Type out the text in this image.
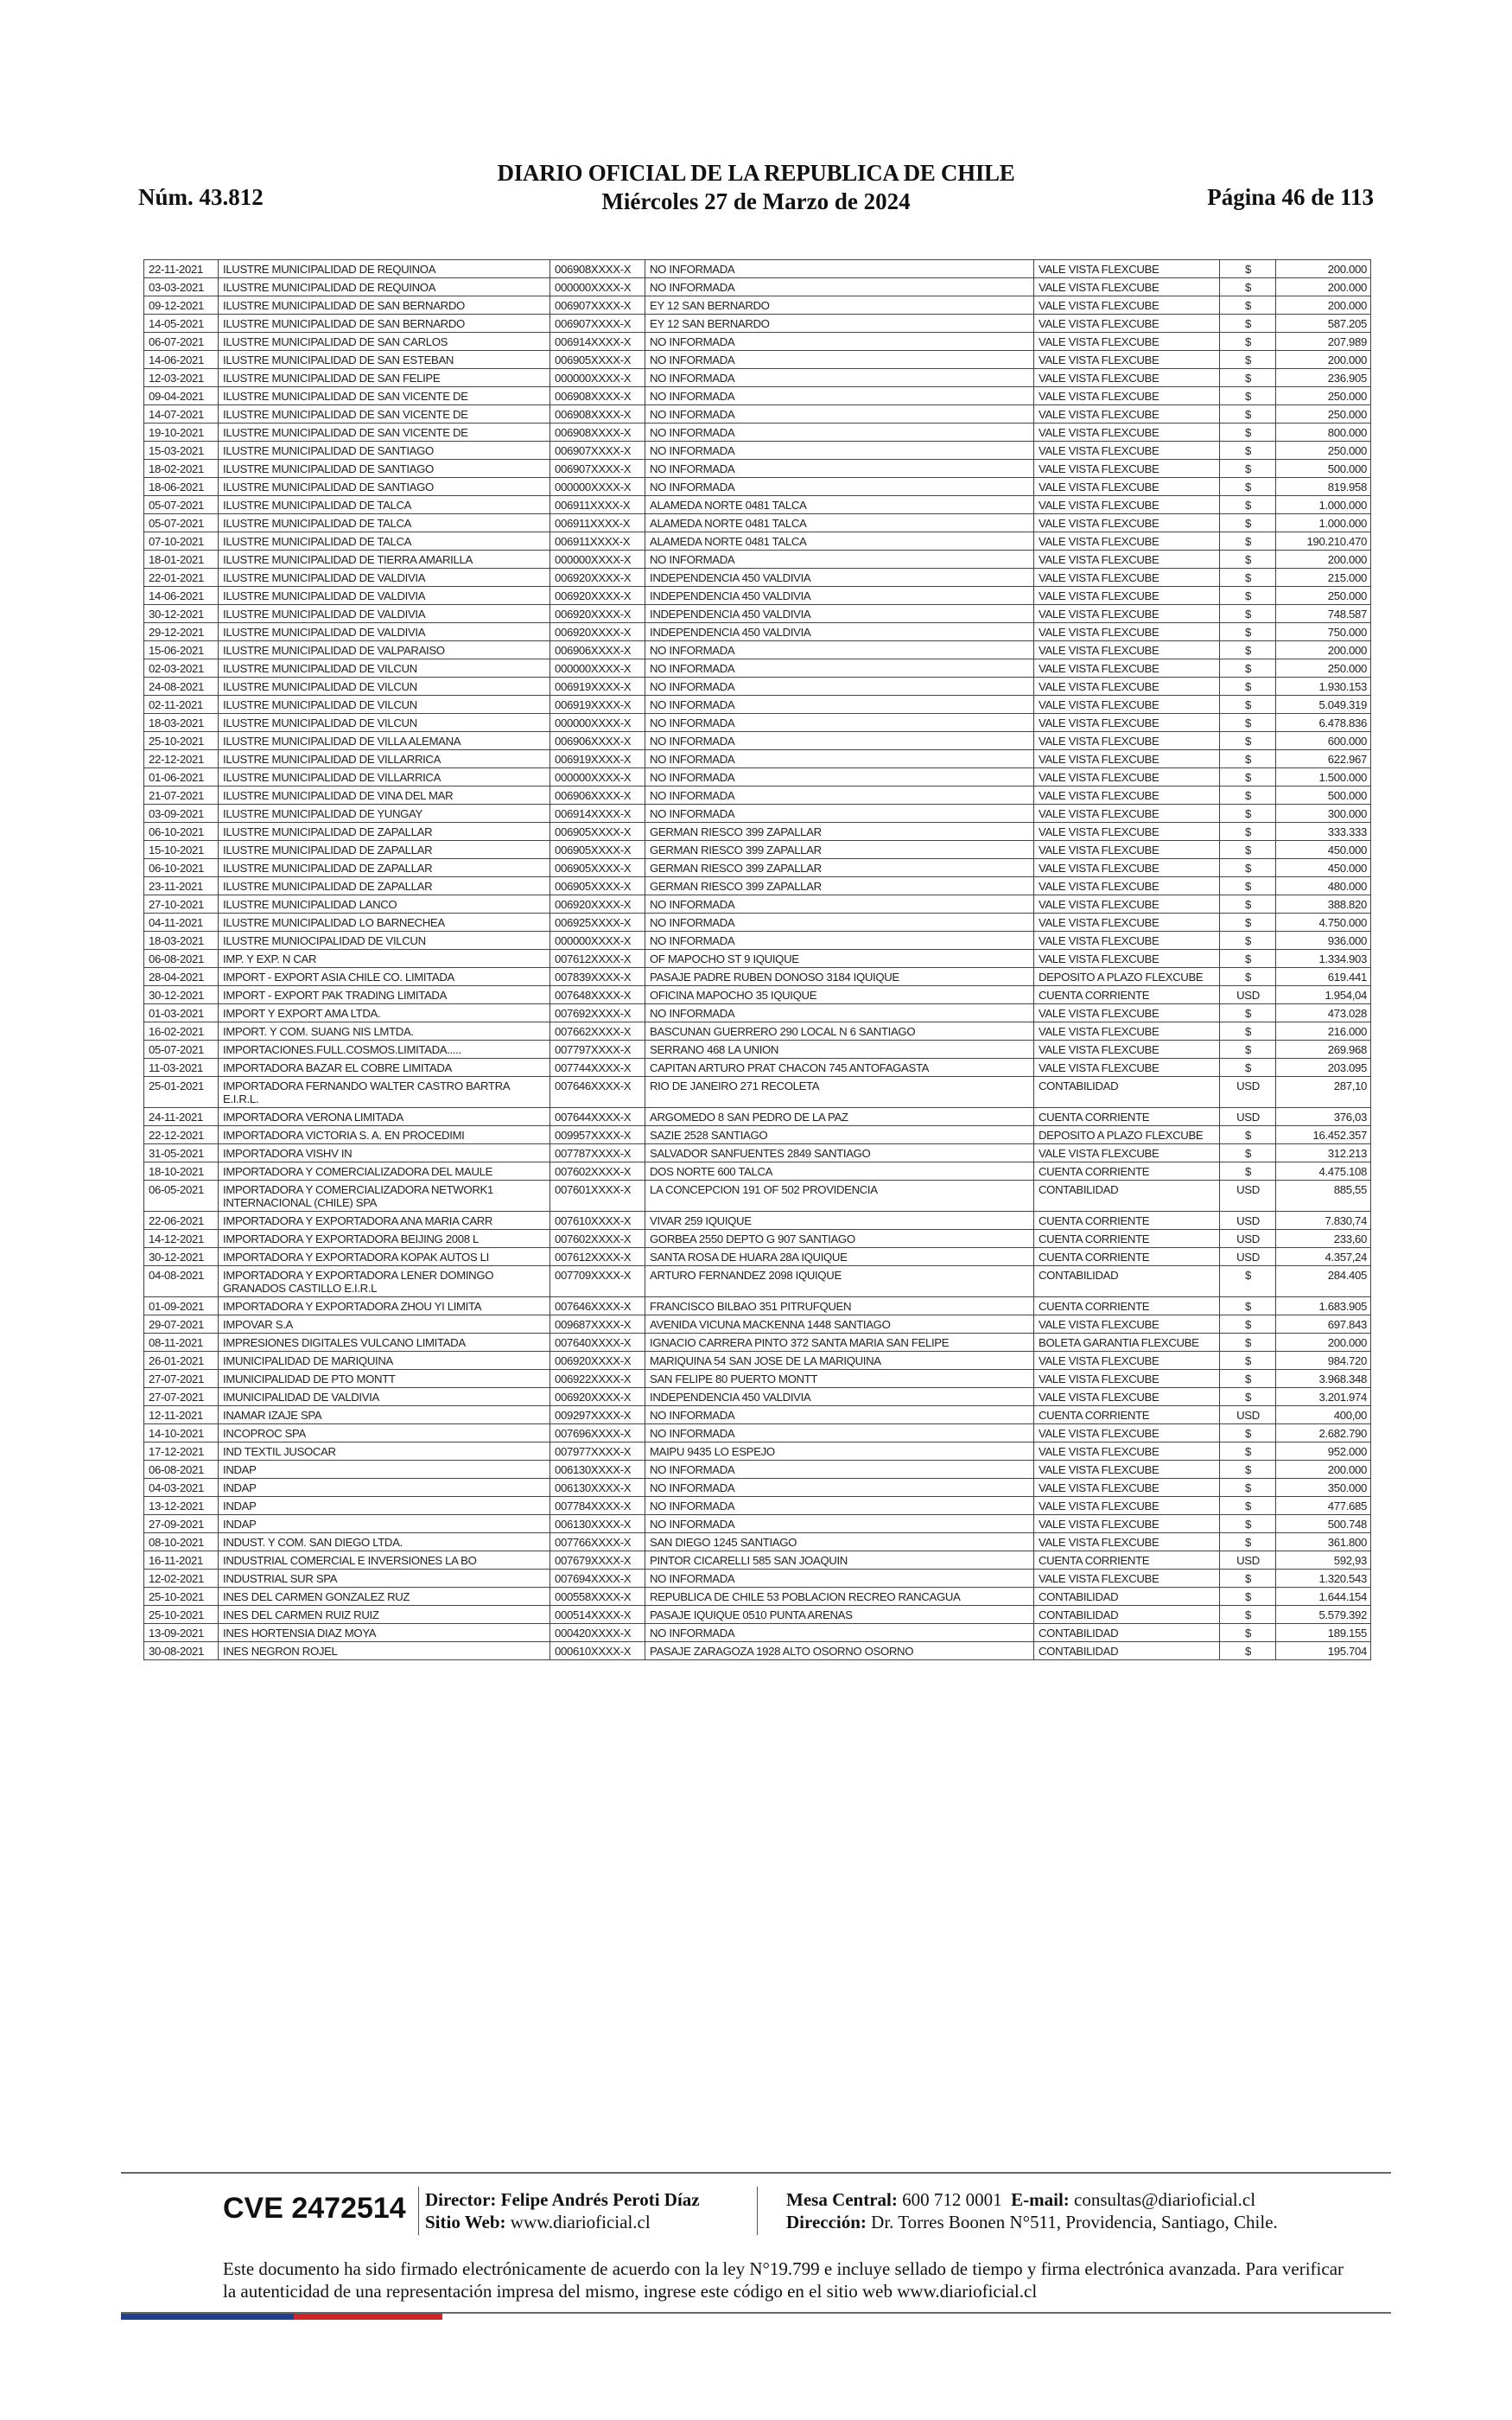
Núm. 43.812
DIARIO OFICIAL DE LA REPUBLICA DE CHILE
Miércoles 27 de Marzo de 2024	Página 46 de 113
22-11-2021	ILUSTRE MUNICIPALIDAD DE REQUINOA	006908XXXX-X	NO INFORMADA	VALE VISTA FLEXCUBE	$	200.000
03-03-2021	ILUSTRE MUNICIPALIDAD DE REQUINOA	000000XXXX-X	NO INFORMADA	VALE VISTA FLEXCUBE	$	200.000
09-12-2021	ILUSTRE MUNICIPALIDAD DE SAN BERNARDO	006907XXXX-X	EY 12 SAN BERNARDO	VALE VISTA FLEXCUBE	$	200.000
14-05-2021	ILUSTRE MUNICIPALIDAD DE SAN BERNARDO	006907XXXX-X	EY 12 SAN BERNARDO	VALE VISTA FLEXCUBE	$	587.205
06-07-2021	ILUSTRE MUNICIPALIDAD DE SAN CARLOS	006914XXXX-X	NO INFORMADA	VALE VISTA FLEXCUBE	$	207.989
14-06-2021	ILUSTRE MUNICIPALIDAD DE SAN ESTEBAN	006905XXXX-X	NO INFORMADA	VALE VISTA FLEXCUBE	$	200.000
12-03-2021	ILUSTRE MUNICIPALIDAD DE SAN FELIPE	000000XXXX-X	NO INFORMADA	VALE VISTA FLEXCUBE	$	236.905
09-04-2021	ILUSTRE MUNICIPALIDAD DE SAN VICENTE DE	006908XXXX-X	NO INFORMADA	VALE VISTA FLEXCUBE	$	250.000
14-07-2021	ILUSTRE MUNICIPALIDAD DE SAN VICENTE DE	006908XXXX-X	NO INFORMADA	VALE VISTA FLEXCUBE	$	250.000
19-10-2021	ILUSTRE MUNICIPALIDAD DE SAN VICENTE DE	006908XXXX-X	NO INFORMADA	VALE VISTA FLEXCUBE	$	800.000
15-03-2021	ILUSTRE MUNICIPALIDAD DE SANTIAGO	006907XXXX-X	NO INFORMADA	VALE VISTA FLEXCUBE	$	250.000
18-02-2021	ILUSTRE MUNICIPALIDAD DE SANTIAGO	006907XXXX-X	NO INFORMADA	VALE VISTA FLEXCUBE	$	500.000
18-06-2021	ILUSTRE MUNICIPALIDAD DE SANTIAGO	000000XXXX-X	NO INFORMADA	VALE VISTA FLEXCUBE	$	819.958
05-07-2021	ILUSTRE MUNICIPALIDAD DE TALCA	006911XXXX-X	ALAMEDA NORTE 0481 TALCA	VALE VISTA FLEXCUBE	$	1.000.000
05-07-2021	ILUSTRE MUNICIPALIDAD DE TALCA	006911XXXX-X	ALAMEDA NORTE 0481 TALCA	VALE VISTA FLEXCUBE	$	1.000.000
07-10-2021	ILUSTRE MUNICIPALIDAD DE TALCA	006911XXXX-X	ALAMEDA NORTE 0481 TALCA	VALE VISTA FLEXCUBE	$	190.210.470
18-01-2021	ILUSTRE MUNICIPALIDAD DE TIERRA AMARILLA	000000XXXX-X	NO INFORMADA	VALE VISTA FLEXCUBE	$	200.000
22-01-2021	ILUSTRE MUNICIPALIDAD DE VALDIVIA	006920XXXX-X	INDEPENDENCIA 450 VALDIVIA	VALE VISTA FLEXCUBE	$	215.000
14-06-2021	ILUSTRE MUNICIPALIDAD DE VALDIVIA	006920XXXX-X	INDEPENDENCIA 450 VALDIVIA	VALE VISTA FLEXCUBE	$	250.000
30-12-2021	ILUSTRE MUNICIPALIDAD DE VALDIVIA	006920XXXX-X	INDEPENDENCIA 450 VALDIVIA	VALE VISTA FLEXCUBE	$	748.587
29-12-2021	ILUSTRE MUNICIPALIDAD DE VALDIVIA	006920XXXX-X	INDEPENDENCIA 450 VALDIVIA	VALE VISTA FLEXCUBE	$	750.000
15-06-2021	ILUSTRE MUNICIPALIDAD DE VALPARAISO	006906XXXX-X	NO INFORMADA	VALE VISTA FLEXCUBE	$	200.000
02-03-2021	ILUSTRE MUNICIPALIDAD DE VILCUN	000000XXXX-X	NO INFORMADA	VALE VISTA FLEXCUBE	$	250.000
24-08-2021	ILUSTRE MUNICIPALIDAD DE VILCUN	006919XXXX-X	NO INFORMADA	VALE VISTA FLEXCUBE	$	1.930.153
02-11-2021	ILUSTRE MUNICIPALIDAD DE VILCUN	006919XXXX-X	NO INFORMADA	VALE VISTA FLEXCUBE	$	5.049.319
18-03-2021	ILUSTRE MUNICIPALIDAD DE VILCUN	000000XXXX-X	NO INFORMADA	VALE VISTA FLEXCUBE	$	6.478.836
25-10-2021	ILUSTRE MUNICIPALIDAD DE VILLA ALEMANA	006906XXXX-X	NO INFORMADA	VALE VISTA FLEXCUBE	$	600.000
22-12-2021	ILUSTRE MUNICIPALIDAD DE VILLARRICA	006919XXXX-X	NO INFORMADA	VALE VISTA FLEXCUBE	$	622.967
01-06-2021	ILUSTRE MUNICIPALIDAD DE VILLARRICA	000000XXXX-X	NO INFORMADA	VALE VISTA FLEXCUBE	$	1.500.000
21-07-2021	ILUSTRE MUNICIPALIDAD DE VINA DEL MAR	006906XXXX-X	NO INFORMADA	VALE VISTA FLEXCUBE	$	500.000
03-09-2021	ILUSTRE MUNICIPALIDAD DE YUNGAY	006914XXXX-X	NO INFORMADA	VALE VISTA FLEXCUBE	$	300.000
06-10-2021	ILUSTRE MUNICIPALIDAD DE ZAPALLAR	006905XXXX-X	GERMAN RIESCO 399 ZAPALLAR	VALE VISTA FLEXCUBE	$	333.333
15-10-2021	ILUSTRE MUNICIPALIDAD DE ZAPALLAR	006905XXXX-X	GERMAN RIESCO 399 ZAPALLAR	VALE VISTA FLEXCUBE	$	450.000
06-10-2021	ILUSTRE MUNICIPALIDAD DE ZAPALLAR	006905XXXX-X	GERMAN RIESCO 399 ZAPALLAR	VALE VISTA FLEXCUBE	$	450.000
23-11-2021	ILUSTRE MUNICIPALIDAD DE ZAPALLAR	006905XXXX-X	GERMAN RIESCO 399 ZAPALLAR	VALE VISTA FLEXCUBE	$	480.000
27-10-2021	ILUSTRE MUNICIPALIDAD LANCO	006920XXXX-X	NO INFORMADA	VALE VISTA FLEXCUBE	$	388.820
04-11-2021	ILUSTRE MUNICIPALIDAD LO BARNECHEA	006925XXXX-X	NO INFORMADA	VALE VISTA FLEXCUBE	$	4.750.000
18-03-2021	ILUSTRE MUNIOCIPALIDAD DE VILCUN	000000XXXX-X	NO INFORMADA	VALE VISTA FLEXCUBE	$	936.000
06-08-2021	IMP. Y EXP. N CAR	007612XXXX-X	OF MAPOCHO ST 9 IQUIQUE	VALE VISTA FLEXCUBE	$	1.334.903
28-04-2021	IMPORT - EXPORT ASIA CHILE CO. LIMITADA	007839XXXX-X	PASAJE PADRE RUBEN DONOSO 3184 IQUIQUE	DEPOSITO A PLAZO FLEXCUBE	$	619.441
30-12-2021	IMPORT - EXPORT PAK TRADING LIMITADA	007648XXXX-X	OFICINA MAPOCHO 35 IQUIQUE	CUENTA CORRIENTE	USD	1.954,04
01-03-2021	IMPORT Y EXPORT AMA LTDA.	007692XXXX-X	NO INFORMADA	VALE VISTA FLEXCUBE	$	473.028
16-02-2021	IMPORT. Y COM. SUANG NIS LMTDA.	007662XXXX-X	BASCUNAN GUERRERO 290 LOCAL N 6 SANTIAGO	VALE VISTA FLEXCUBE	$	216.000
05-07-2021	IMPORTACIONES.FULL.COSMOS.LIMITADA.....	007797XXXX-X	SERRANO 468 LA UNION	VALE VISTA FLEXCUBE	$	269.968
11-03-2021	IMPORTADORA BAZAR EL COBRE LIMITADA	007744XXXX-X	CAPITAN ARTURO PRAT CHACON 745 ANTOFAGASTA	VALE VISTA FLEXCUBE	$	203.095
25-01-2021	IMPORTADORA FERNANDO WALTER CASTRO BARTRA E.I.R.L.	007646XXXX-X	RIO DE JANEIRO 271 RECOLETA	CONTABILIDAD	USD	287,10
24-11-2021	IMPORTADORA VERONA LIMITADA	007644XXXX-X	ARGOMEDO 8 SAN PEDRO DE LA PAZ	CUENTA CORRIENTE	USD	376,03
22-12-2021	IMPORTADORA VICTORIA S. A. EN PROCEDIMI	009957XXXX-X	SAZIE 2528 SANTIAGO	DEPOSITO A PLAZO FLEXCUBE	$	16.452.357
31-05-2021	IMPORTADORA VISHV IN	007787XXXX-X	SALVADOR SANFUENTES 2849 SANTIAGO	VALE VISTA FLEXCUBE	$	312.213
18-10-2021	IMPORTADORA Y COMERCIALIZADORA DEL MAULE	007602XXXX-X	DOS NORTE 600 TALCA	CUENTA CORRIENTE	$	4.475.108
06-05-2021	IMPORTADORA Y COMERCIALIZADORA NETWORK1 INTERNACIONAL (CHILE) SPA	007601XXXX-X	LA CONCEPCION 191 OF 502 PROVIDENCIA	CONTABILIDAD	USD	885,55
22-06-2021	IMPORTADORA Y EXPORTADORA ANA MARIA CARR	007610XXXX-X	VIVAR 259 IQUIQUE	CUENTA CORRIENTE	USD	7.830,74
14-12-2021	IMPORTADORA Y EXPORTADORA BEIJING 2008 L	007602XXXX-X	GORBEA 2550 DEPTO G 907 SANTIAGO	CUENTA CORRIENTE	USD	233,60
30-12-2021	IMPORTADORA Y EXPORTADORA KOPAK AUTOS LI	007612XXXX-X	SANTA ROSA DE HUARA 28A IQUIQUE	CUENTA CORRIENTE	USD	4.357,24
04-08-2021	IMPORTADORA Y EXPORTADORA LENER DOMINGO GRANADOS CASTILLO E.I.R.L	007709XXXX-X	ARTURO FERNANDEZ 2098 IQUIQUE	CONTABILIDAD	$	284.405
01-09-2021	IMPORTADORA Y EXPORTADORA ZHOU YI LIMITA	007646XXXX-X	FRANCISCO BILBAO 351 PITRUFQUEN	CUENTA CORRIENTE	$	1.683.905
29-07-2021	IMPOVAR S.A	009687XXXX-X	AVENIDA VICUNA MACKENNA 1448 SANTIAGO	VALE VISTA FLEXCUBE	$	697.843
08-11-2021	IMPRESIONES DIGITALES VULCANO LIMITADA	007640XXXX-X	IGNACIO CARRERA PINTO 372 SANTA MARIA SAN FELIPE	BOLETA GARANTIA FLEXCUBE	$	200.000
26-01-2021	IMUNICIPALIDAD DE MARIQUINA	006920XXXX-X	MARIQUINA 54 SAN JOSE DE LA MARIQUINA	VALE VISTA FLEXCUBE	$	984.720
27-07-2021	IMUNICIPALIDAD DE PTO MONTT	006922XXXX-X	SAN FELIPE 80 PUERTO MONTT	VALE VISTA FLEXCUBE	$	3.968.348
27-07-2021	IMUNICIPALIDAD DE VALDIVIA	006920XXXX-X	INDEPENDENCIA 450 VALDIVIA	VALE VISTA FLEXCUBE	$	3.201.974
12-11-2021	INAMAR IZAJE SPA	009297XXXX-X	NO INFORMADA	CUENTA CORRIENTE	USD	400,00
14-10-2021	INCOPROC SPA	007696XXXX-X	NO INFORMADA	VALE VISTA FLEXCUBE	$	2.682.790
17-12-2021	IND TEXTIL JUSOCAR	007977XXXX-X	MAIPU 9435 LO ESPEJO	VALE VISTA FLEXCUBE	$	952.000
06-08-2021	INDAP	006130XXXX-X	NO INFORMADA	VALE VISTA FLEXCUBE	$	200.000
04-03-2021	INDAP	006130XXXX-X	NO INFORMADA	VALE VISTA FLEXCUBE	$	350.000
13-12-2021	INDAP	007784XXXX-X	NO INFORMADA	VALE VISTA FLEXCUBE	$	477.685
27-09-2021	INDAP	006130XXXX-X	NO INFORMADA	VALE VISTA FLEXCUBE	$	500.748
08-10-2021	INDUST. Y COM. SAN DIEGO LTDA.	007766XXXX-X	SAN DIEGO 1245 SANTIAGO	VALE VISTA FLEXCUBE	$	361.800
16-11-2021	INDUSTRIAL COMERCIAL E INVERSIONES LA BO	007679XXXX-X	PINTOR CICARELLI 585 SAN JOAQUIN	CUENTA CORRIENTE	USD	592,93
12-02-2021	INDUSTRIAL SUR SPA	007694XXXX-X	NO INFORMADA	VALE VISTA FLEXCUBE	$	1.320.543
25-10-2021	INES DEL CARMEN GONZALEZ RUZ	000558XXXX-X	REPUBLICA DE CHILE 53 POBLACION RECREO RANCAGUA	CONTABILIDAD	$	1.644.154
25-10-2021	INES DEL CARMEN RUIZ RUIZ	000514XXXX-X	PASAJE IQUIQUE 0510 PUNTA ARENAS	CONTABILIDAD	$	5.579.392
13-09-2021	INES HORTENSIA DIAZ MOYA	000420XXXX-X	NO INFORMADA	CONTABILIDAD	$	189.155
30-08-2021	INES NEGRON ROJEL	000610XXXX-X	PASAJE ZARAGOZA 1928 ALTO OSORNO OSORNO	CONTABILIDAD	$	195.704
CVE 2472514 Director: Felipe Andrés Peroti Díaz
Sitio Web: www.diarioficial.cl
Mesa Central: 600 712 0001 E-mail: consultas@diarioficial.cl
Dirección: Dr. Torres Boonen N°511, Providencia, Santiago, Chile.
Este documento ha sido firmado electrónicamente de acuerdo con la ley N°19.799 e incluye sellado de tiempo y firma electrónica avanzada. Para verificar la autenticidad de una representación impresa del mismo, ingrese este código en el sitio web www.diarioficial.cl
